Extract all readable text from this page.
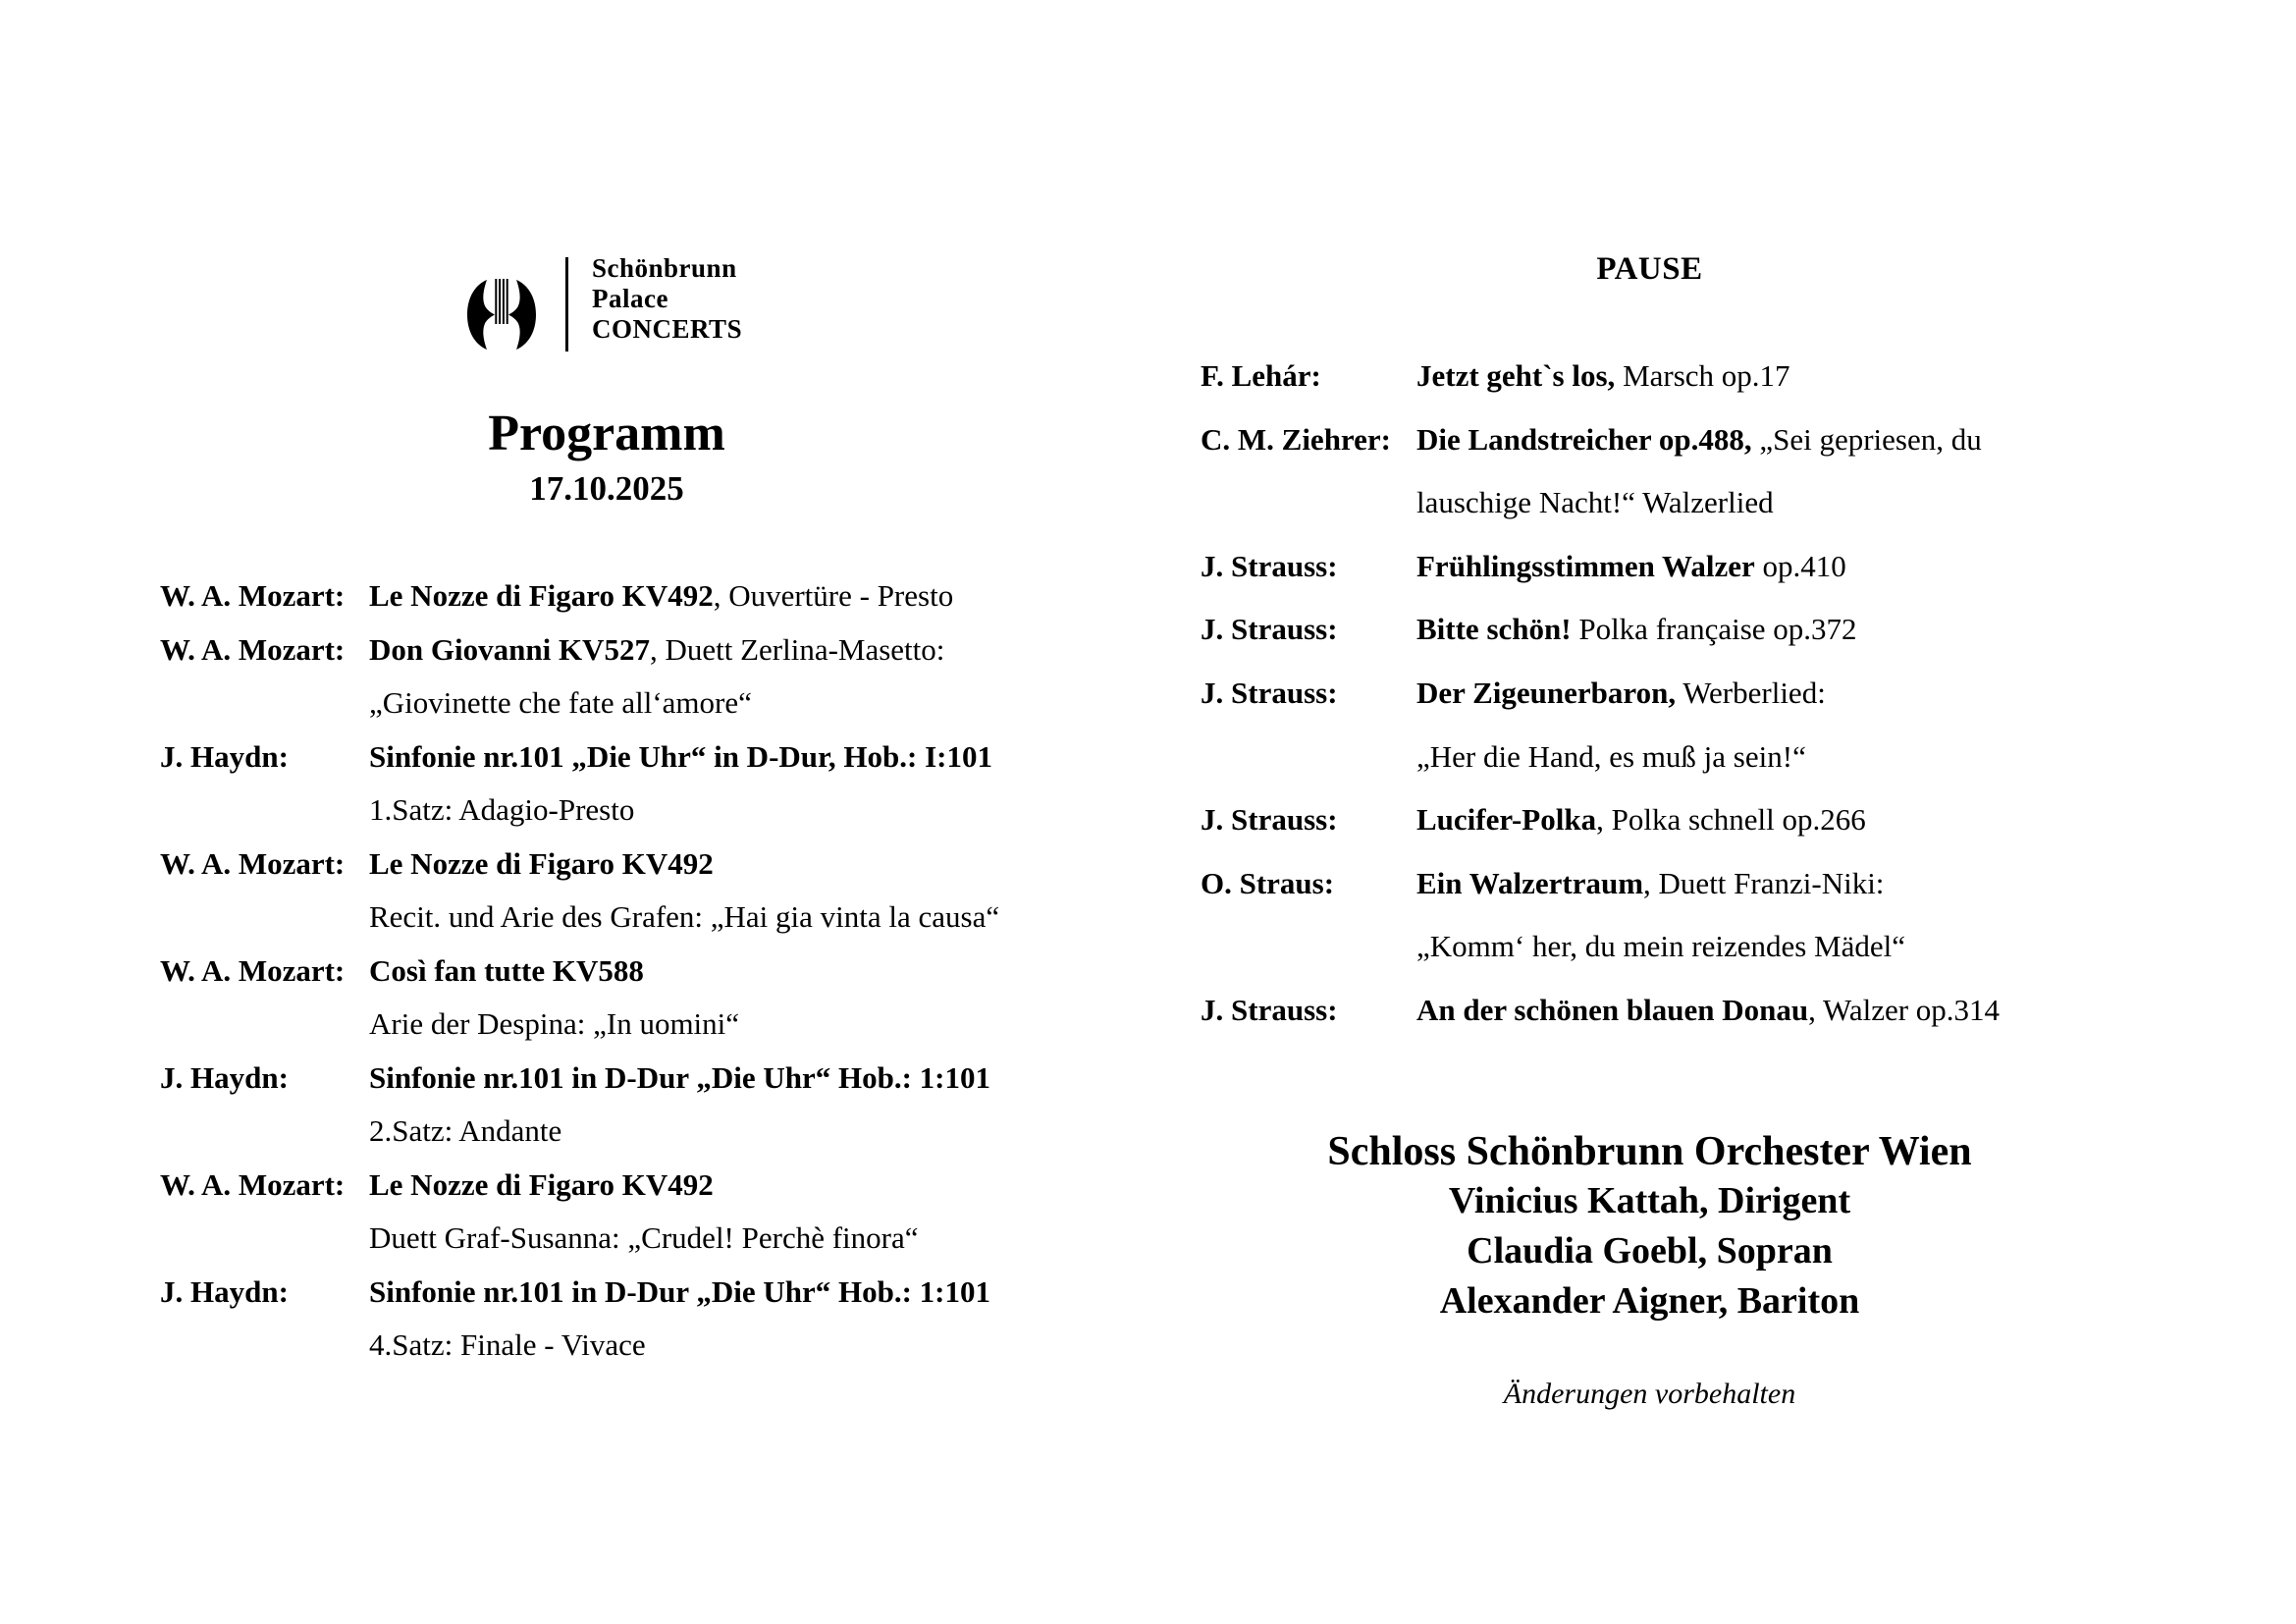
Schönbrunn
Palace
CONCERTS
Programm
17.10.2025
W. A. Mozart: Le Nozze di Figaro KV492, Ouvertüre - Presto
W. A. Mozart: Don Giovanni KV527, Duett Zerlina-Masetto:
„Giovinette che fate all‘amore“
J. Haydn:	Sinfonie nr.101 „Die Uhr“ in D-Dur, Hob.: I:101
1.Satz: Adagio-Presto
W. A. Mozart: Le Nozze di Figaro KV492
Recit. und Arie des Grafen: „Hai gia vinta la causa“
W. A. Mozart: Così fan tutte KV588
Arie der Despina: „In uomini“
J. Haydn:	Sinfonie nr.101 in D-Dur „Die Uhr“ Hob.: 1:101
2.Satz: Andante
W. A. Mozart: Le Nozze di Figaro KV492
Duett Graf-Susanna: „Crudel! Perchè finora“
J. Haydn:	Sinfonie nr.101 in D-Dur „Die Uhr“ Hob.: 1:101
4.Satz: Finale - Vivace
PAUSE
F. Lehár:	Jetzt geht`s los, Marsch op.17
C. M. Ziehrer: Die Landstreicher op.488, „Sei gepriesen, du
lauschige Nacht!“ Walzerlied
J. Strauss:	Frühlingsstimmen Walzer op.410
J. Strauss:	Bitte schön! Polka française op.372
J. Strauss:	Der Zigeunerbaron, Werberlied:
„Her die Hand, es muß ja sein!“
J. Strauss:	Lucifer-Polka, Polka schnell op.266
O. Straus:	Ein Walzertraum, Duett Franzi-Niki:
„Komm‘ her, du mein reizendes Mädel“
J. Strauss:	An der schönen blauen Donau, Walzer op.314
Schloss Schönbrunn Orchester Wien
Vinicius Kattah, Dirigent
Claudia Goebl, Sopran
Alexander Aigner, Bariton
Änderungen vorbehalten
